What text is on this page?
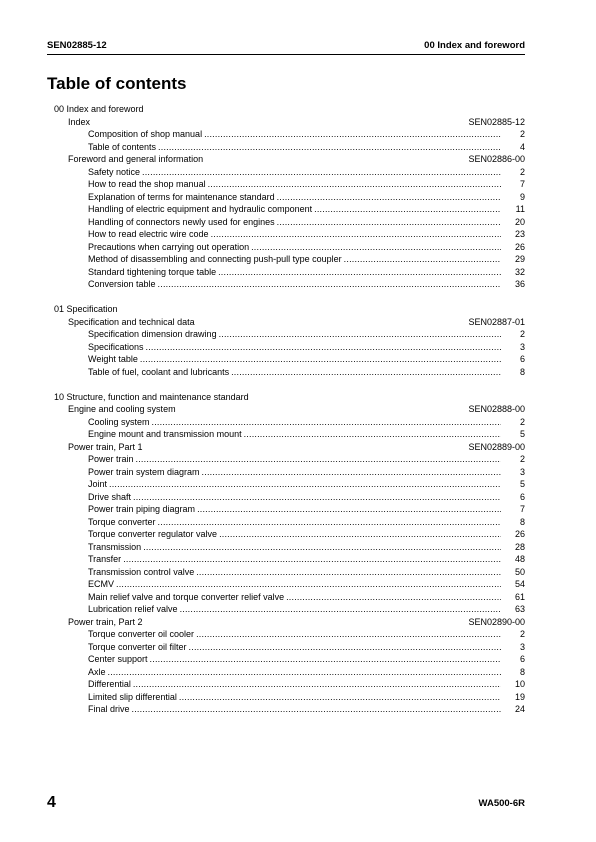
SEN02885-12	00 Index and foreword
Table of contents
00 Index and foreword
Index	SEN02885-12
Composition of shop manual .....	2
Table of contents .....	4
Foreword and general information	SEN02886-00
Safety notice .....	2
How to read the shop manual .....	7
Explanation of terms for maintenance standard .....	9
Handling of electric equipment and hydraulic component .....	11
Handling of connectors newly used for engines .....	20
How to read electric wire code .....	23
Precautions when carrying out operation .....	26
Method of disassembling and connecting push-pull type coupler .....	29
Standard tightening torque table .....	32
Conversion table .....	36
01 Specification
Specification and technical data	SEN02887-01
Specification dimension drawing .....	2
Specifications .....	3
Weight table .....	6
Table of fuel, coolant and lubricants .....	8
10 Structure, function and maintenance standard
Engine and cooling system	SEN02888-00
Cooling system .....	2
Engine mount and transmission mount .....	5
Power train, Part 1	SEN02889-00
Power train .....	2
Power train system diagram .....	3
Joint .....	5
Drive shaft .....	6
Power train piping diagram .....	7
Torque converter .....	8
Torque converter regulator valve .....	26
Transmission .....	28
Transfer .....	48
Transmission control valve .....	50
ECMV .....	54
Main relief valve and torque converter relief valve .....	61
Lubrication relief valve .....	63
Power train, Part 2	SEN02890-00
Torque converter oil cooler .....	2
Torque converter oil filter .....	3
Center support .....	6
Axle .....	8
Differential .....	10
Limited slip differential .....	19
Final drive .....	24
4	WA500-6R
